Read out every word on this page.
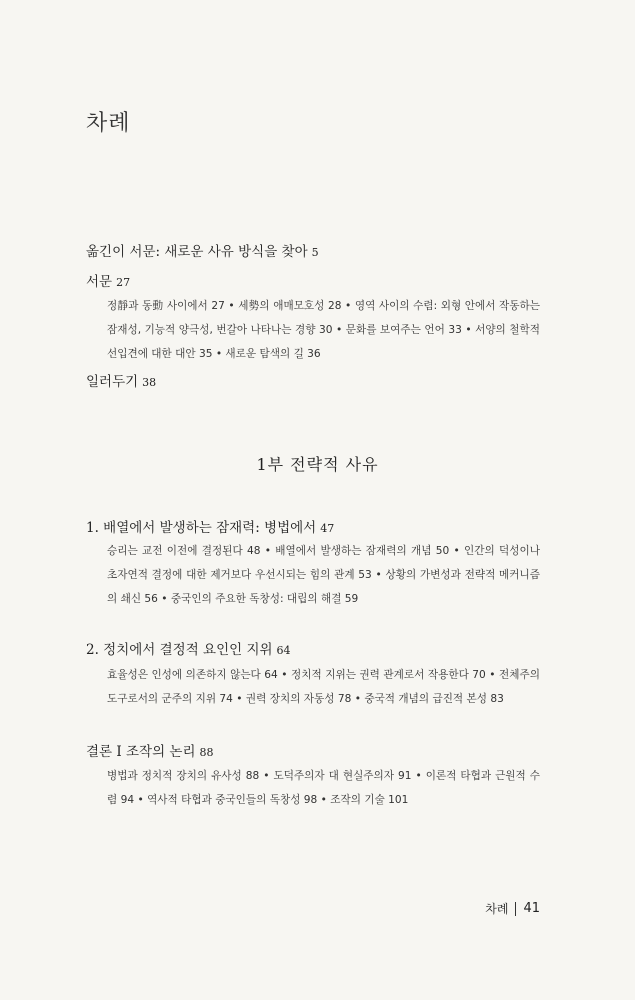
차례
옮긴이 서문: 새로운 사유 방식을 찾아 5
서문 27
정靜과 동動 사이에서 27 • 세勢의 애매모호성 28 • 영역 사이의 수렴: 외형 안에서 작동하는 잠재성, 기능적 양극성, 번갈아 나타나는 경향 30 • 문화를 보여주는 언어 33 • 서양의 철학적 선입견에 대한 대안 35 • 새로운 탐색의 길 36
일러두기 38
1부 전략적 사유
1. 배열에서 발생하는 잠재력: 병법에서 47
승리는 교전 이전에 결정된다 48 • 배열에서 발생하는 잠재력의 개념 50 • 인간의 덕성이나 초자연적 결정에 대한 제거보다 우선시되는 힘의 관계 53 • 상황의 가변성과 전략적 메커니즘의 쇄신 56 • 중국인의 주요한 독창성: 대립의 해결 59
2. 정치에서 결정적 요인인 지위 64
효율성은 인성에 의존하지 않는다 64 • 정치적 지위는 권력 관계로서 작용한다 70 • 전체주의 도구로서의 군주의 지위 74 • 권력 장치의 자동성 78 • 중국적 개념의 급진적 본성 83
결론 I 조작의 논리 88
병법과 정치적 장치의 유사성 88 • 도덕주의자 대 현실주의자 91 • 이론적 타협과 근원적 수렴 94 • 역사적 타협과 중국인들의 독창성 98 • 조작의 기술 101
차례 41
